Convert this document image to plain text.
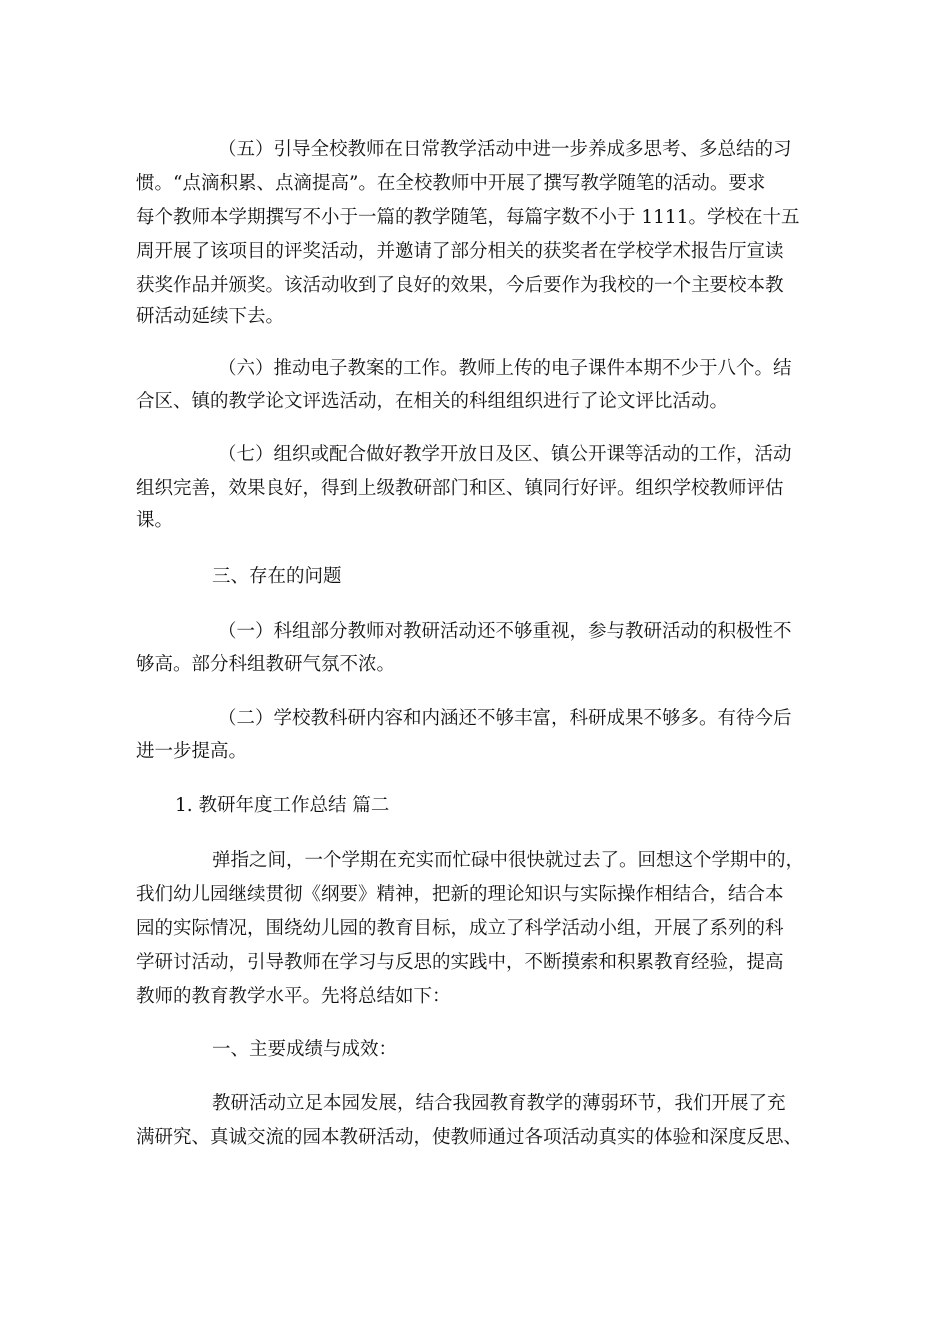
（五）引导全校教师在日常教学活动中进一步养成多思考、多总结的习
惯。“点滴积累、点滴提高”。在全校教师中开展了撰写教学随笔的活动。要求
每个教师本学期撰写不小于一篇的教学随笔，每篇字数不小于 1111。学校在十五
周开展了该项目的评奖活动，并邀请了部分相关的获奖者在学校学术报告厅宣读
获奖作品并颁奖。该活动收到了良好的效果，今后要作为我校的一个主要校本教
研活动延续下去。
（六）推动电子教案的工作。教师上传的电子课件本期不少于八个。结
合区、镇的教学论文评选活动，在相关的科组组织进行了论文评比活动。
（七）组织或配合做好教学开放日及区、镇公开课等活动的工作，活动
组织完善，效果良好，得到上级教研部门和区、镇同行好评。组织学校教师评估
课。
三、存在的问题
（一）科组部分教师对教研活动还不够重视，参与教研活动的积极性不
够高。部分科组教研气氛不浓。
（二）学校教科研内容和内涵还不够丰富，科研成果不够多。有待今后
进一步提高。
1. 教研年度工作总结 篇二
弹指之间，一个学期在充实而忙碌中很快就过去了。回想这个学期中的，
我们幼儿园继续贯彻《纲要》精神，把新的理论知识与实际操作相结合，结合本
园的实际情况，围绕幼儿园的教育目标，成立了科学活动小组，开展了系列的科
学研讨活动，引导教师在学习与反思的实践中，不断摸索和积累教育经验，提高
教师的教育教学水平。先将总结如下：
一、主要成绩与成效：
教研活动立足本园发展，结合我园教育教学的薄弱环节，我们开展了充
满研究、真诚交流的园本教研活动，使教师通过各项活动真实的体验和深度反思、
